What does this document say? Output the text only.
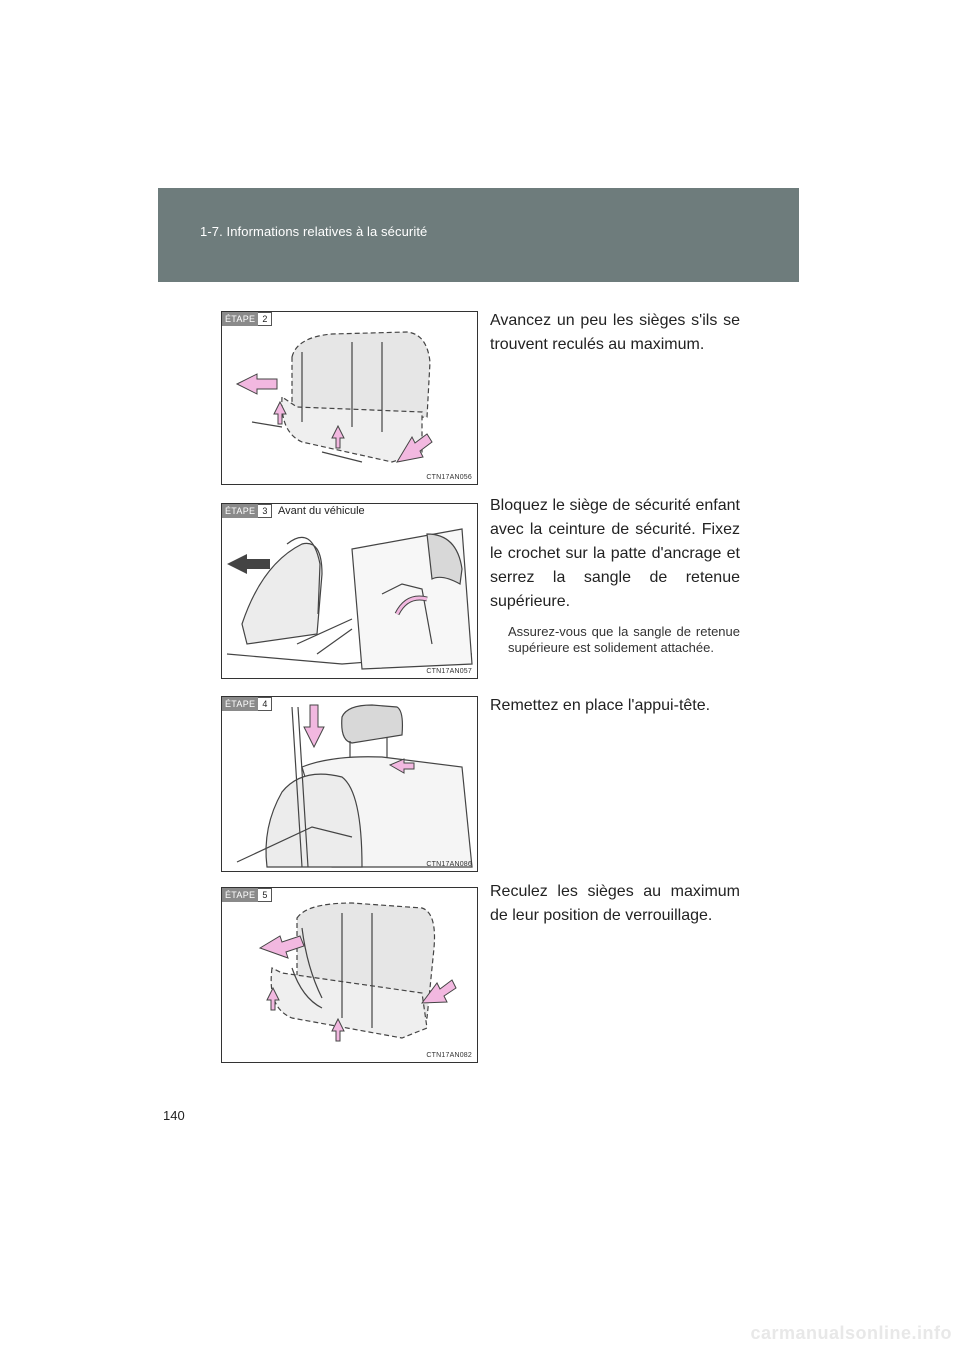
1-7. Informations relatives à la sécurité
ÉTAPE 2
CTN17AN056
Avancez un peu les sièges s'ils se trouvent reculés au maximum.
ÉTAPE 3 Avant du véhicule
CTN17AN057
Bloquez le siège de sécurité enfant avec la ceinture de sécurité. Fixez le crochet sur la patte d'ancrage et serrez la sangle de retenue supérieure.
Assurez-vous que la sangle de retenue supérieure est solidement attachée.
ÉTAPE 4
CTN17AN086
Remettez en place l'appui-tête.
ÉTAPE 5
CTN17AN082
Reculez les sièges au maximum de leur position de verrouillage.
140
carmanualsonline.info
